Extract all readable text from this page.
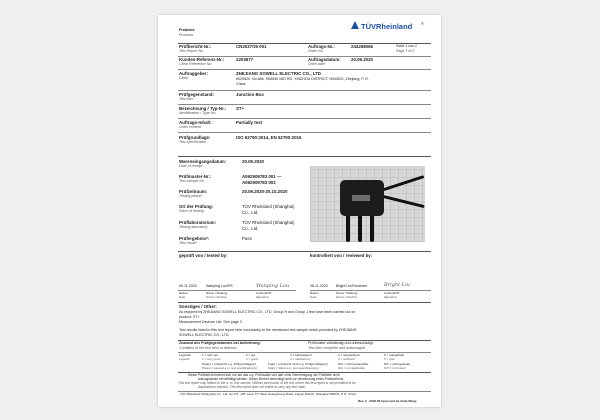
Produkte
Products
TÜVRheinland ®
Prüfbericht-Nr.:
Test Report No.
CN2027O5 001	Auftrags-Nr.:
Order No.
244268066	Seite 1 von 2
Page 1 of 2
Kunden-Referenz-Nr.:
Client Reference No.
2203677	Auftragsdatum:
Order date
20.09.2020
Auftraggeber:
Client
ZHEJIANG SOWELL ELECTRIC CO., LTD
#020520, No.686, SIMING MID RD, YINZHOU DISTRICT, NINGBO, Zhejiang, P. R.
China
Prüfgegenstand:
Test item
Junction Box
Bezeichnung / Typ-Nr.:
Identification / Type No.
ST+
Auftrags-Inhalt:
Order content
Partially test
Prüfgrundlage:
Test specification
ISO 62790:2014, EN 62790:2016
Wareneingangsdatum:
Date of receipt
20.09.2020
Prüfmuster-Nr.:
Test sample No.
A062909783 001 —
A062909783 002
Prüfzeitraum:
Testing period
20.09.2020-20.10.2020
Ort der Prüfung:
Place of testing
TÜV Rheinland (Shanghai)
Co., Ltd.
Prüflaboratorium:
Testing laboratory
TÜV Rheinland (Shanghai)
Co., Ltd.
Prüfergebnis*:
Test result*
Pass
geprüft von / tested by:	kontrolliert von / reviewed by:
06.11.2020	Wanping Lou/PE	Wanping Lou	06.11.2020 Bright Liu/Reviewer	Bright Liu
Datum
Date
Name / Stellung
Name / Position
Unterschrift
Signature
Datum
Date
Name / Stellung
Name / Position
Unterschrift
Signature
Sonstiges / Other:
As required by ZHEJIANG SOWELL ELECTRIC CO., LTD, Group H and Group J test have been carried out on
product: ST+
Measurement Devices List: See page 2.
Test results listed in this test report refer exclusively to the mentioned test sample which provided by ZHEJIANG
SOWELL ELECTRIC CO., LTD.
Zustand des Prüfgegenstandes bei Anlieferung:
Condition of the test item at delivery:
Prüfmuster vollständig und unbeschädigt
Test item complete and undamaged
Legende:
Legend:
1 = sehr gut	2 = gut	3 = befriedigend	4 = ausreichend	5 = mangelhaft
1 = very good	2 = good	3 = satisfactory	4 = sufficient	5 = poor
P(ass) = entspricht o.g. Prüfgrundlage(n)	F(ail) = entspricht nicht o.g. Prüfgrundlage(n)	N/A = nicht anwendbar	N/T = nicht getestet
P(ass) = passed a.m. test specification(s)	F(ail) = failed a.m. test specification(s)	N/A = not applicable	N/T = not tested
Dieser Prüfbericht bezieht sich nur auf das o.g. Prüfmuster und darf ohne Genehmigung der Prüfstelle nicht
auszugsweise vervielfältigt werden. Dieser Bericht berechtigt nicht zur Verwendung eines Prüfzeichens.
This test report only relates to the a. m. test sample. Without permission of the test center this test report is not permitted to be
duplicated in extracts. This test report does not entitle to carry any test mark.
TÜV Rheinland (Shanghai) Co., Ltd. No.177, 178, Lane 777 West Guangzhong Road, Jing'an District, Shanghai 200072, P. R. China
Rev. 2 - 2018-05 Approved by Andy Wang
